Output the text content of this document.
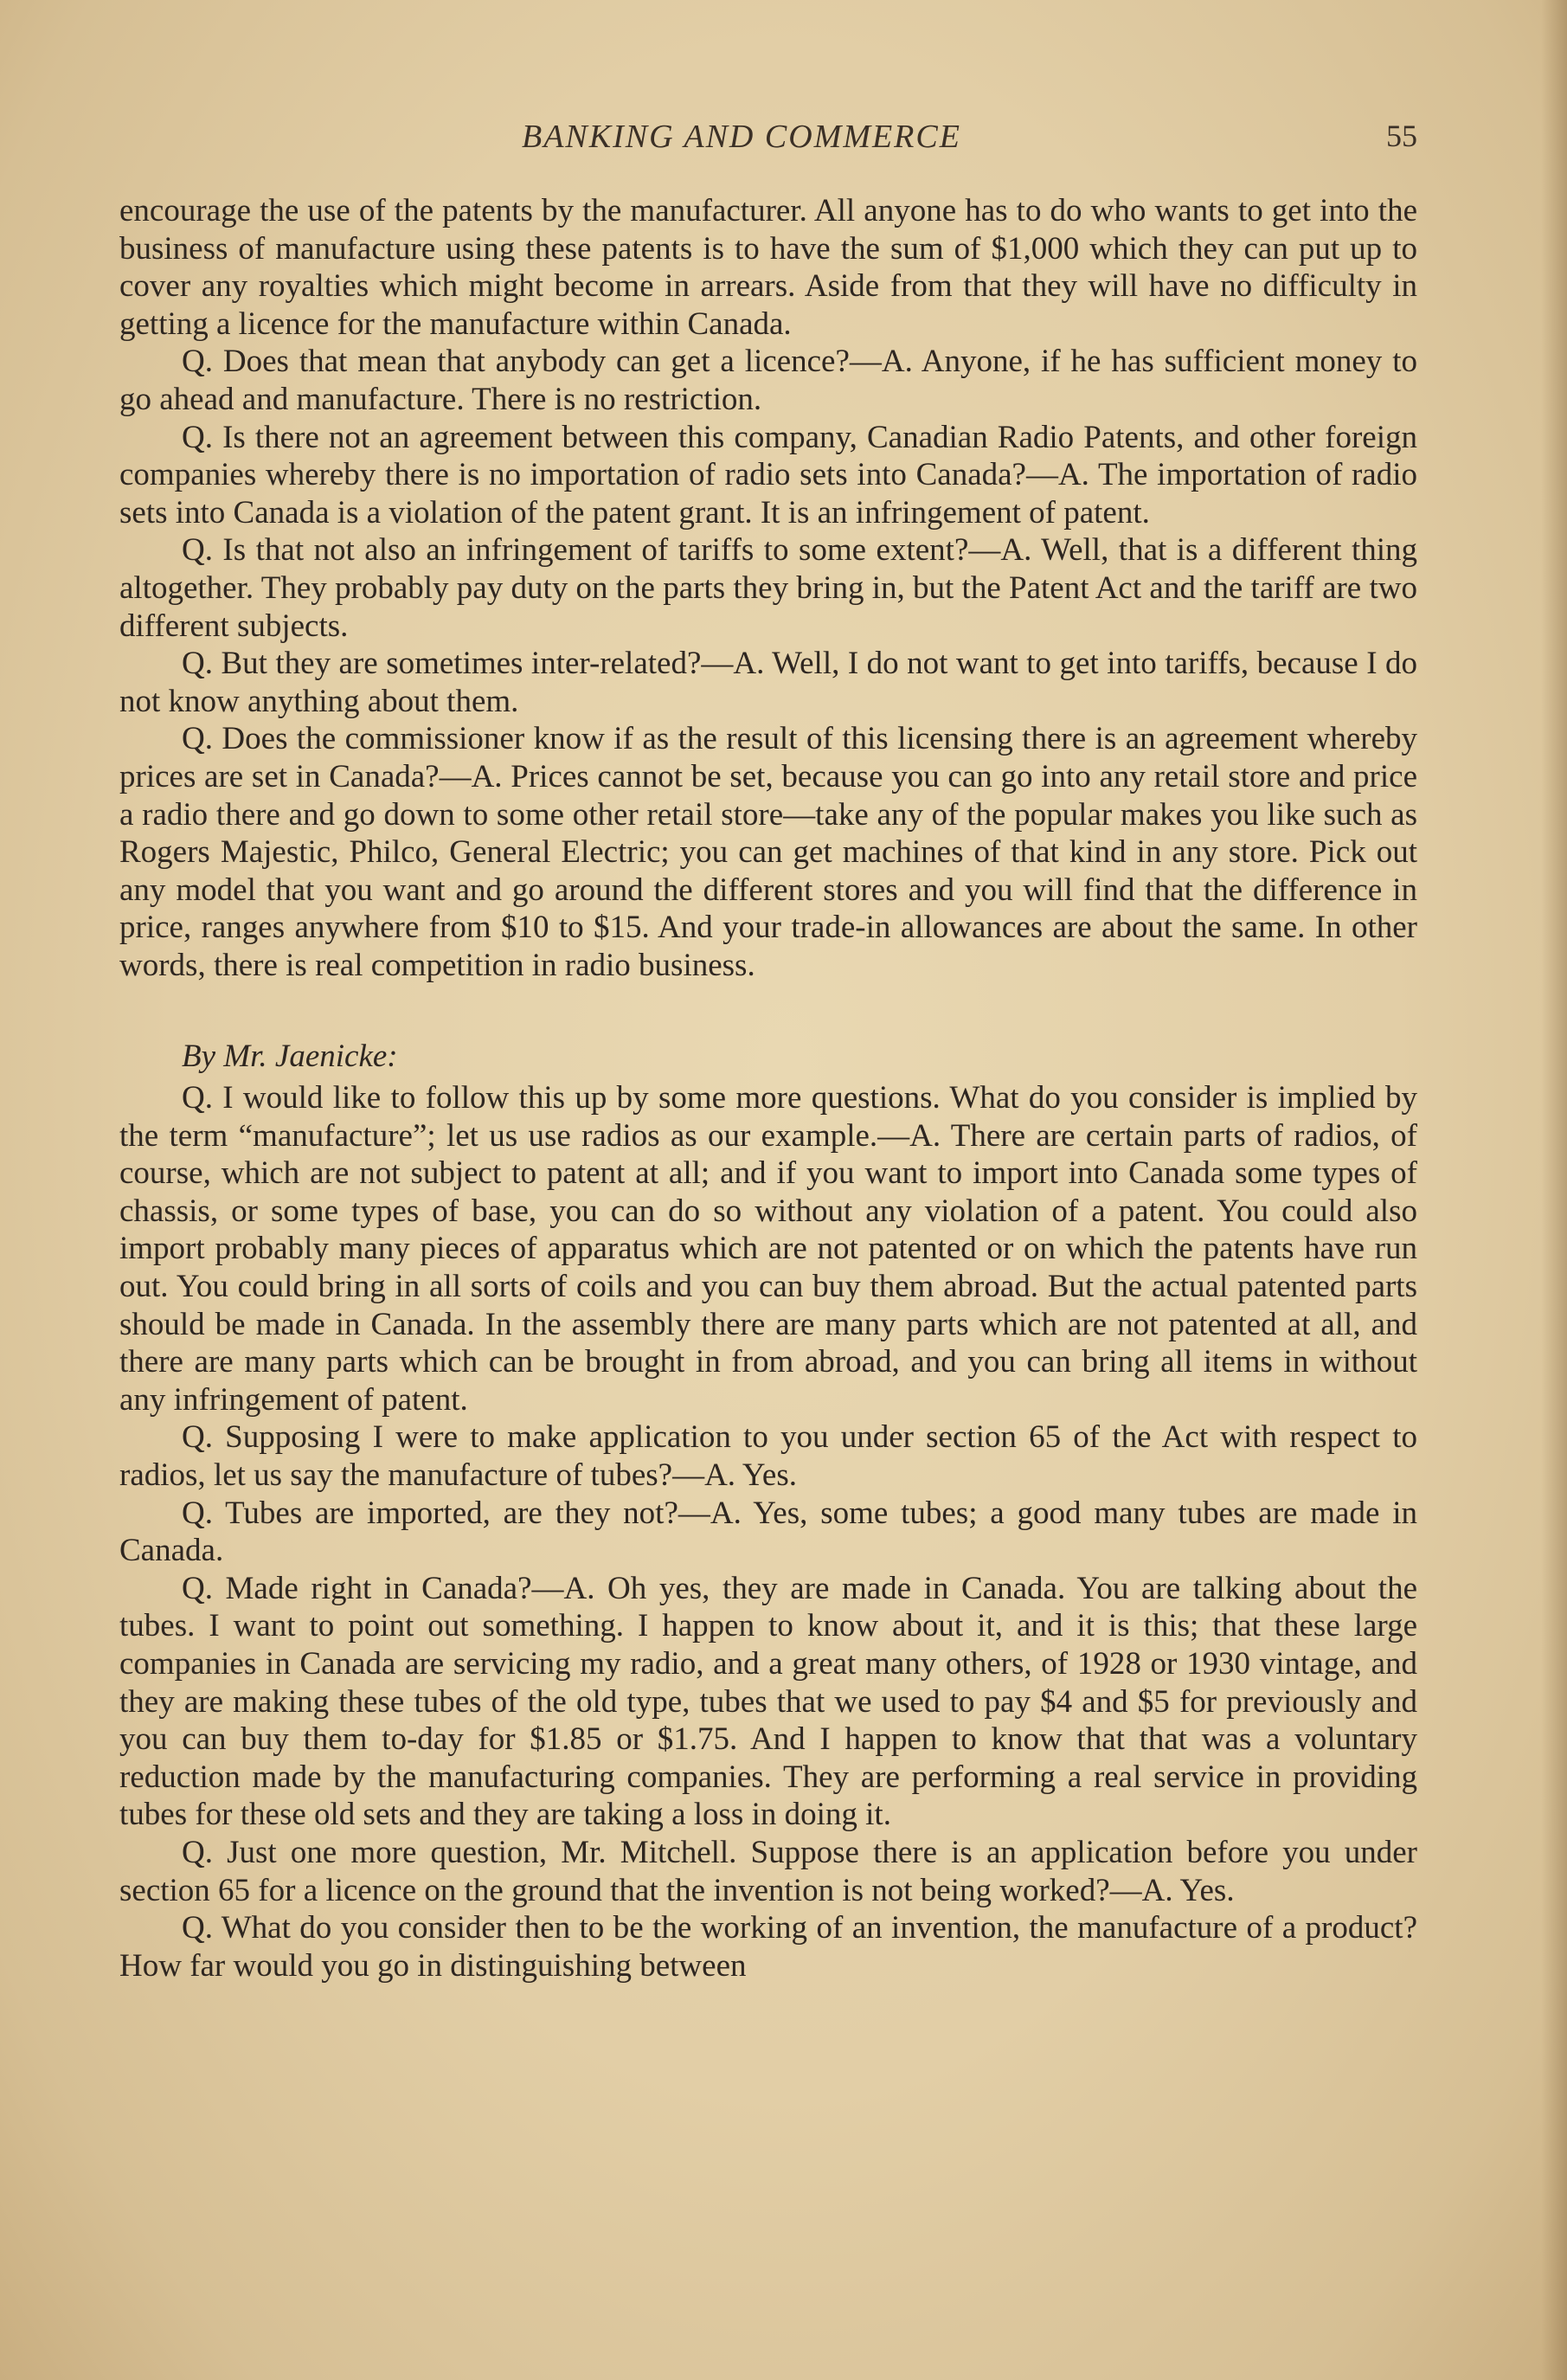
BANKING AND COMMERCE	55

encourage the use of the patents by the manufacturer. All anyone has to do who wants to get into the business of manufacture using these patents is to have the sum of $1,000 which they can put up to cover any royalties which might become in arrears. Aside from that they will have no difficulty in getting a licence for the manufacture within Canada.

Q. Does that mean that anybody can get a licence?—A. Anyone, if he has sufficient money to go ahead and manufacture. There is no restriction.

Q. Is there not an agreement between this company, Canadian Radio Patents, and other foreign companies whereby there is no importation of radio sets into Canada?—A. The importation of radio sets into Canada is a violation of the patent grant. It is an infringement of patent.

Q. Is that not also an infringement of tariffs to some extent?—A. Well, that is a different thing altogether. They probably pay duty on the parts they bring in, but the Patent Act and the tariff are two different subjects.

Q. But they are sometimes inter-related?—A. Well, I do not want to get into tariffs, because I do not know anything about them.

Q. Does the commissioner know if as the result of this licensing there is an agreement whereby prices are set in Canada?—A. Prices cannot be set, because you can go into any retail store and price a radio there and go down to some other retail store—take any of the popular makes you like such as Rogers Majestic, Philco, General Electric; you can get machines of that kind in any store. Pick out any model that you want and go around the different stores and you will find that the difference in price, ranges anywhere from $10 to $15. And your trade-in allowances are about the same. In other words, there is real competition in radio business.

By Mr. Jaenicke:

Q. I would like to follow this up by some more questions. What do you consider is implied by the term “manufacture”; let us use radios as our example.—A. There are certain parts of radios, of course, which are not subject to patent at all; and if you want to import into Canada some types of chassis, or some types of base, you can do so without any violation of a patent. You could also import probably many pieces of apparatus which are not patented or on which the patents have run out. You could bring in all sorts of coils and you can buy them abroad. But the actual patented parts should be made in Canada. In the assembly there are many parts which are not patented at all, and there are many parts which can be brought in from abroad, and you can bring all items in without any infringement of patent.

Q. Supposing I were to make application to you under section 65 of the Act with respect to radios, let us say the manufacture of tubes?—A. Yes.

Q. Tubes are imported, are they not?—A. Yes, some tubes; a good many tubes are made in Canada.

Q. Made right in Canada?—A. Oh yes, they are made in Canada. You are talking about the tubes. I want to point out something. I happen to know about it, and it is this; that these large companies in Canada are servicing my radio, and a great many others, of 1928 or 1930 vintage, and they are making these tubes of the old type, tubes that we used to pay $4 and $5 for previously and you can buy them to-day for $1.85 or $1.75. And I happen to know that that was a voluntary reduction made by the manufacturing companies. They are performing a real service in providing tubes for these old sets and they are taking a loss in doing it.

Q. Just one more question, Mr. Mitchell. Suppose there is an application before you under section 65 for a licence on the ground that the invention is not being worked?—A. Yes.

Q. What do you consider then to be the working of an invention, the manufacture of a product? How far would you go in distinguishing between
